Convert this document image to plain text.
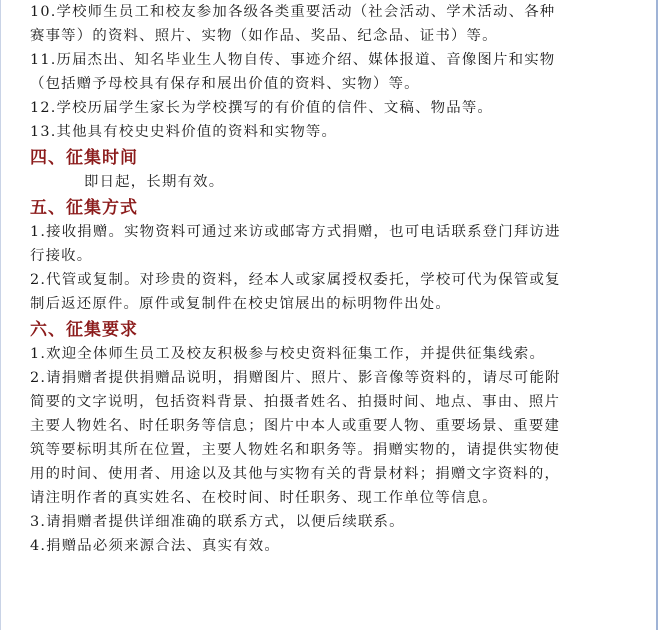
10.学校师生员工和校友参加各级各类重要活动（社会活动、学术活动、各种
赛事等）的资料、照片、实物（如作品、奖品、纪念品、证书）等。
11.历届杰出、知名毕业生人物自传、事迹介绍、媒体报道、音像图片和实物
（包括赠予母校具有保存和展出价值的资料、实物）等。
12.学校历届学生家长为学校撰写的有价值的信件、文稿、物品等。
13.其他具有校史史料价值的资料和实物等。
四、征集时间
即日起，长期有效。
五、征集方式
1.接收捐赠。实物资料可通过来访或邮寄方式捐赠，也可电话联系登门拜访进
行接收。
2.代管或复制。对珍贵的资料，经本人或家属授权委托，学校可代为保管或复
制后返还原件。原件或复制件在校史馆展出的标明物件出处。
六、征集要求
1.欢迎全体师生员工及校友积极参与校史资料征集工作，并提供征集线索。
2.请捐赠者提供捐赠品说明，捐赠图片、照片、影音像等资料的，请尽可能附
简要的文字说明，包括资料背景、拍摄者姓名、拍摄时间、地点、事由、照片
主要人物姓名、时任职务等信息；图片中本人或重要人物、重要场景、重要建
筑等要标明其所在位置，主要人物姓名和职务等。捐赠实物的，请提供实物使
用的时间、使用者、用途以及其他与实物有关的背景材料；捐赠文字资料的，
请注明作者的真实姓名、在校时间、时任职务、现工作单位等信息。
3.请捐赠者提供详细准确的联系方式，以便后续联系。
4.捐赠品必须来源合法、真实有效。
